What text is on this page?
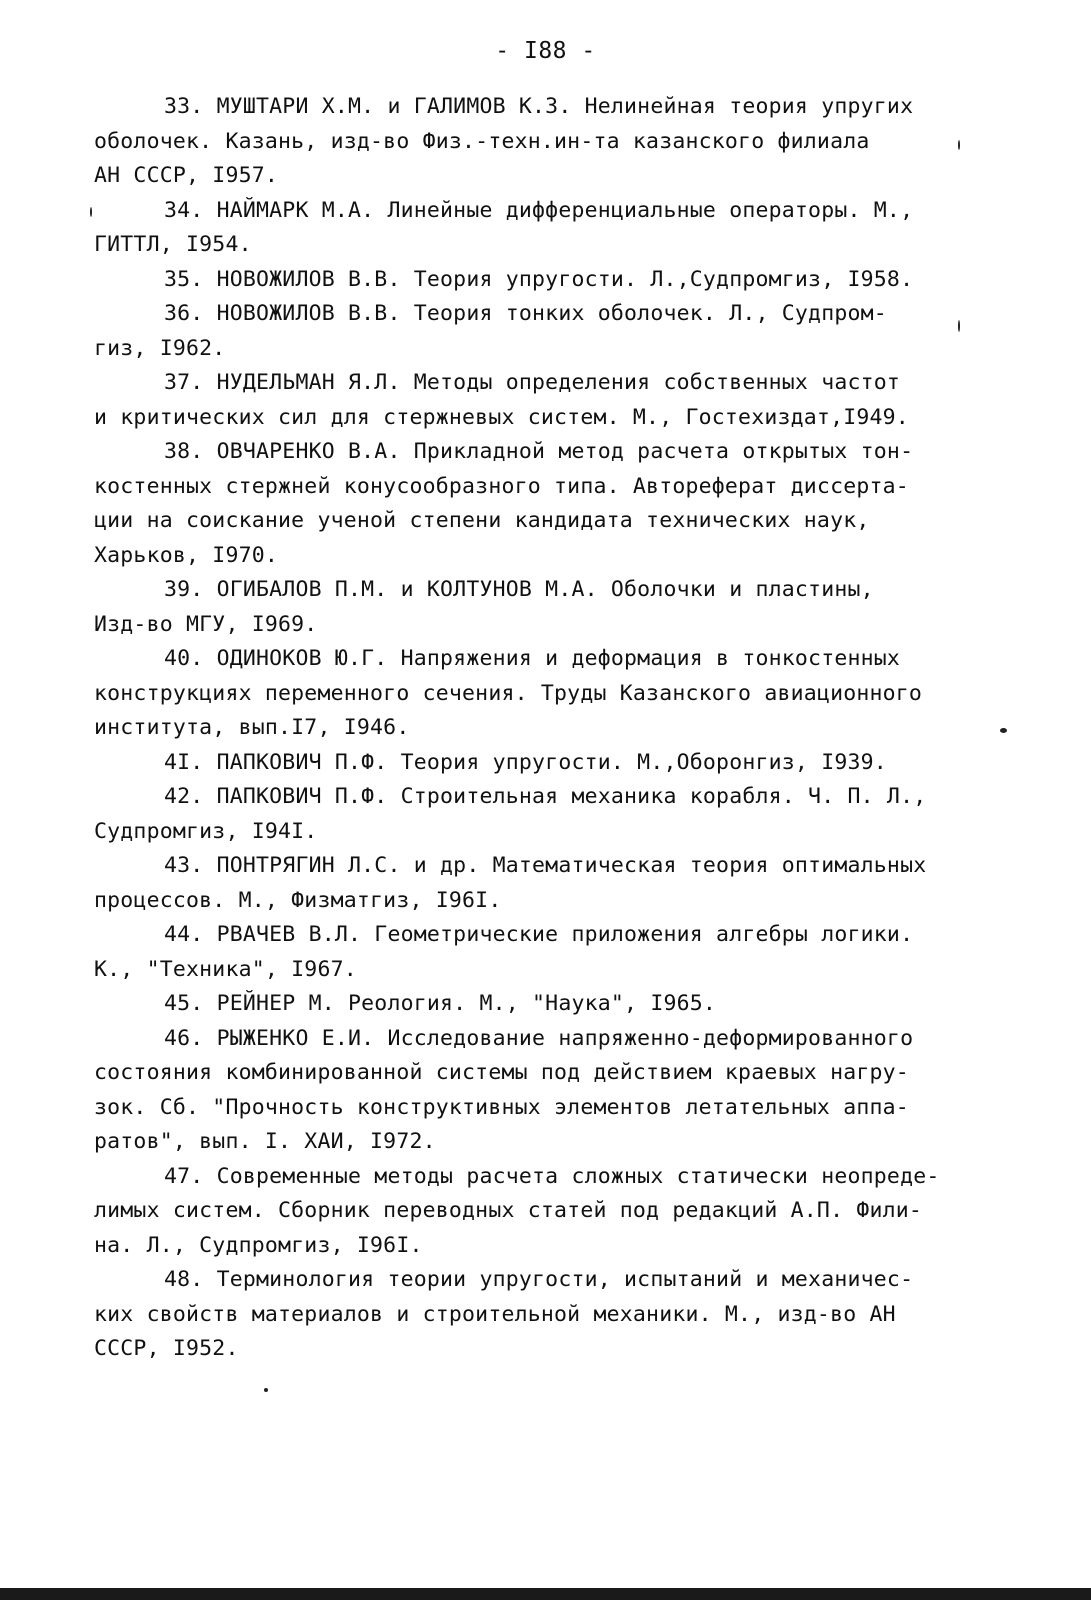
- I88 -
33. МУШТАРИ Х.М. и ГАЛИМОВ К.З. Нелинейная теория упругих
оболочек. Казань, изд-во Физ.-техн.ин-та казанского филиала
АН СССР, I957.
34. НАЙМАРК М.А. Линейные дифференциальные операторы. М.,
ГИТТЛ, I954.
35. НОВОЖИЛОВ В.В. Теория упругости. Л.,Судпромгиз, I958.
36. НОВОЖИЛОВ В.В. Теория тонких оболочек. Л., Судпром-
гиз, I962.
37. НУДЕЛЬМАН Я.Л. Методы определения собственных частот
и критических сил для стержневых систем. М., Гостехиздат,I949.
38. ОВЧАРЕНКО В.А. Прикладной метод расчета открытых тон-
костенных стержней конусообразного типа. Автореферат диссерта-
ции на соискание ученой степени кандидата технических наук,
Харьков, I970.
39. ОГИБАЛОВ П.М. и КОЛТУНОВ М.А. Оболочки и пластины,
Изд-во МГУ, I969.
40. ОДИНОКОВ Ю.Г. Напряжения и деформация в тонкостенных
конструкциях переменного сечения. Труды Казанского авиационного
института, вып.I7, I946.
4I. ПАПКОВИЧ П.Ф. Теория упругости. М.,Оборонгиз, I939.
42. ПАПКОВИЧ П.Ф. Строительная механика корабля. Ч. П. Л.,
Судпромгиз, I94I.
43. ПОНТРЯГИН Л.С. и др. Математическая теория оптимальных
процессов. М., Физматгиз, I96I.
44. РВАЧЕВ В.Л. Геометрические приложения алгебры логики.
К., "Техника", I967.
45. РЕЙНЕР М. Реология. М., "Наука", I965.
46. РЫЖЕНКО Е.И. Исследование напряженно-деформированного
состояния комбинированной системы под действием краевых нагру-
зок. Сб. "Прочность конструктивных элементов летательных аппа-
ратов", вып. I. ХАИ, I972.
47. Современные методы расчета сложных статически неопреде-
лимых систем. Сборник переводных статей под редакций А.П. Фили-
на. Л., Судпромгиз, I96I.
48. Терминология теории упругости, испытаний и механичес-
ких свойств материалов и строительной механики. М., изд-во АН
СССР, I952.
